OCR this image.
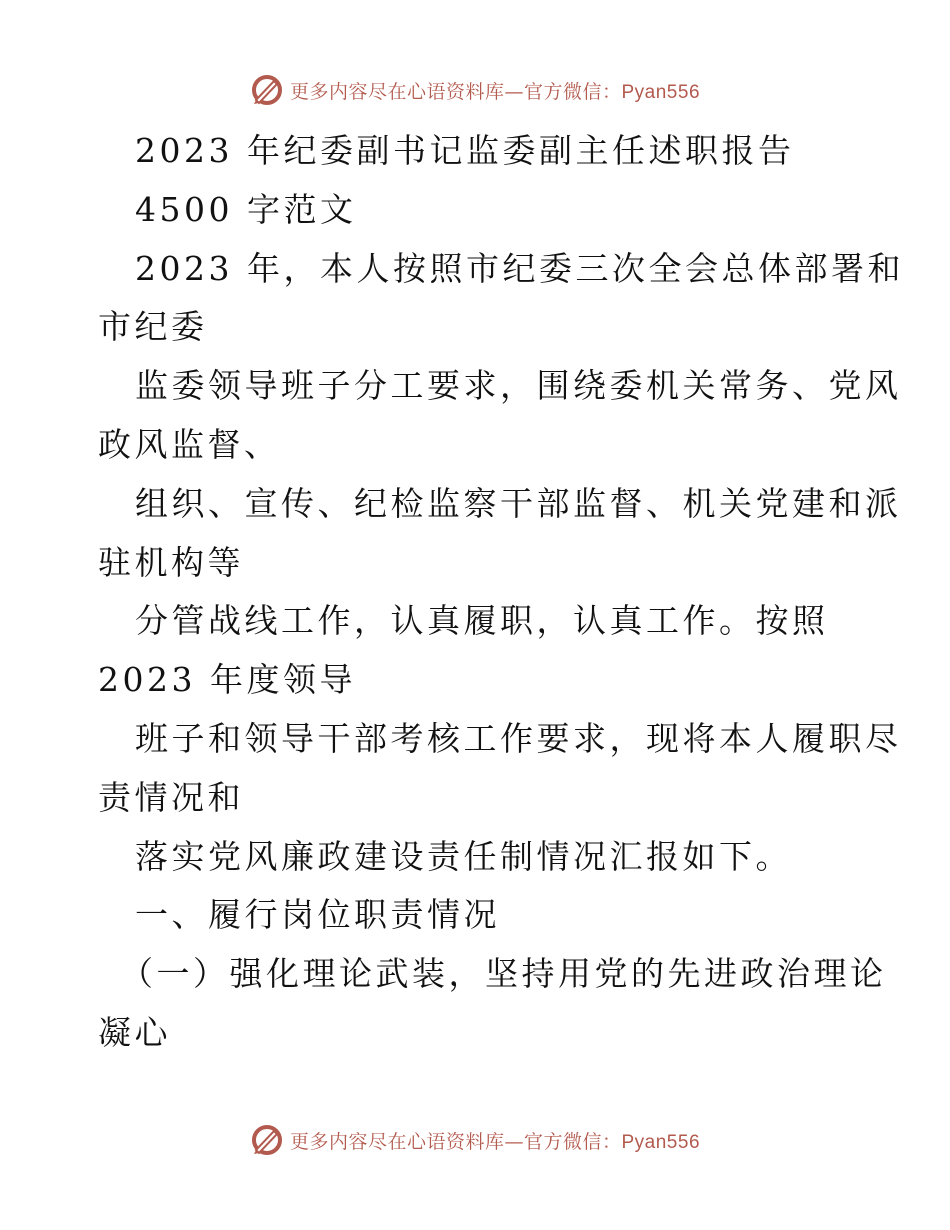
更多内容尽在心语资料库—官方微信：Pyan556
2023 年纪委副书记监委副主任述职报告
4500 字范文
2023 年，本人按照市纪委三次全会总体部署和
市纪委
监委领导班子分工要求，围绕委机关常务、党风
政风监督、
组织、宣传、纪检监察干部监督、机关党建和派
驻机构等
分管战线工作，认真履职，认真工作。按照
2023 年度领导
班子和领导干部考核工作要求，现将本人履职尽
责情况和
落实党风廉政建设责任制情况汇报如下。
一、履行岗位职责情况
（一）强化理论武装，坚持用党的先进政治理论
凝心
更多内容尽在心语资料库—官方微信：Pyan556
